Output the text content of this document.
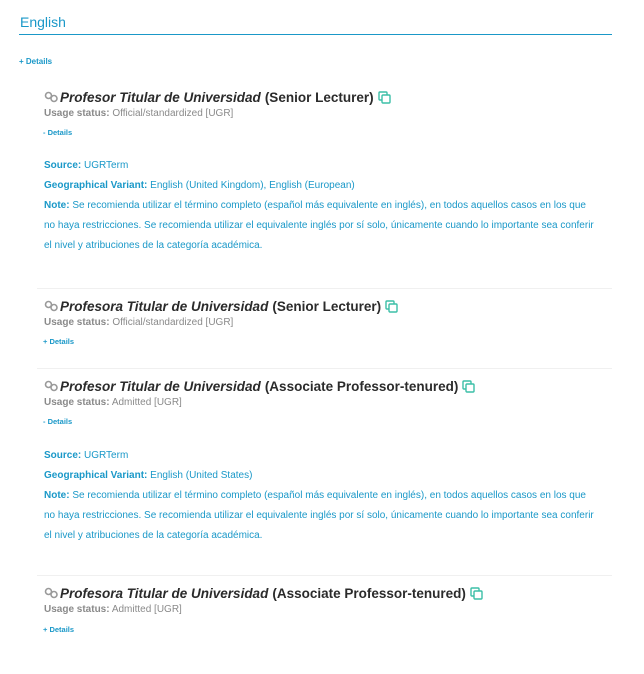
English
+ Details
Profesor Titular de Universidad (Senior Lecturer)
Usage status: Official/standardized [UGR]
- Details
Source: UGRTerm
Geographical Variant: English (United Kingdom), English (European)
Note: Se recomienda utilizar el término completo (español más equivalente en inglés), en todos aquellos casos en los que
no haya restricciones. Se recomienda utilizar el equivalente inglés por sí solo, únicamente cuando lo importante sea conferir
el nivel y atribuciones de la categoría académica.
Profesora Titular de Universidad (Senior Lecturer)
Usage status: Official/standardized [UGR]
+ Details
Profesor Titular de Universidad (Associate Professor-tenured)
Usage status: Admitted [UGR]
- Details
Source: UGRTerm
Geographical Variant: English (United States)
Note: Se recomienda utilizar el término completo (español más equivalente en inglés), en todos aquellos casos en los que
no haya restricciones. Se recomienda utilizar el equivalente inglés por sí solo, únicamente cuando lo importante sea conferir
el nivel y atribuciones de la categoría académica.
Profesora Titular de Universidad (Associate Professor-tenured)
Usage status: Admitted [UGR]
+ Details
